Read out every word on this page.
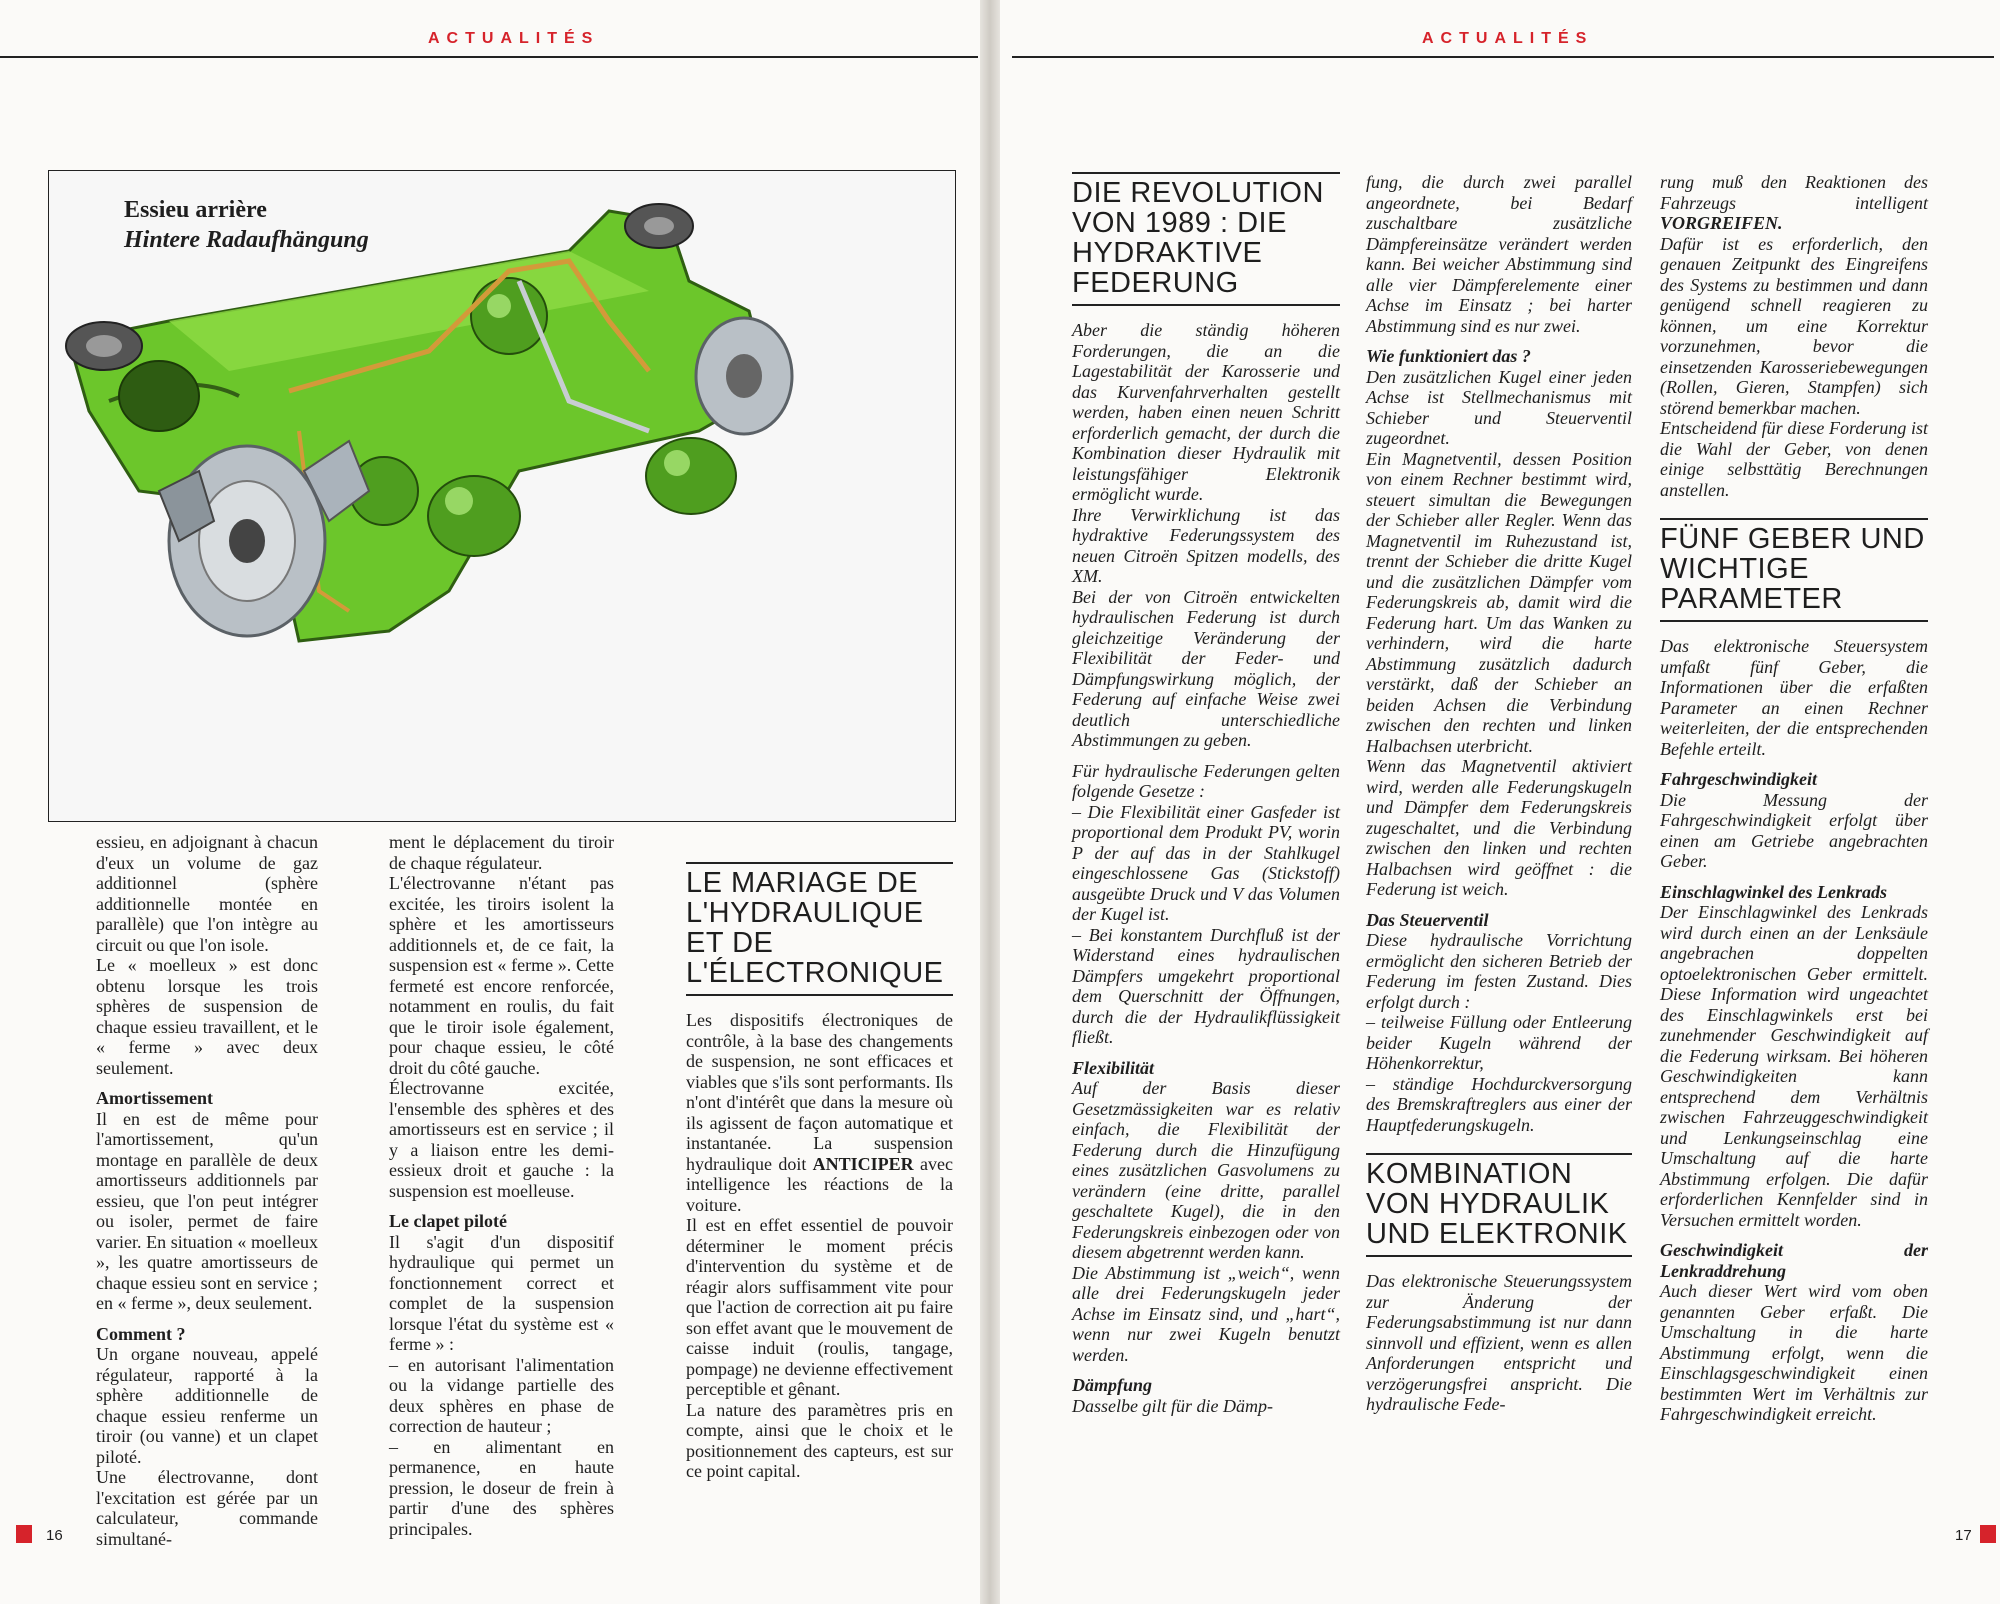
ACTUALITÉS
Essieu arrière
Hintere Radaufhängung

essieu, en adjoignant à chacun d'eux un volume de gaz additionnel (sphère additionnelle montée en parallèle) que l'on intègre au circuit ou que l'on isole.

Le « moelleux » est donc obtenu lorsque les trois sphères de suspension de chaque essieu travaillent, et le « ferme » avec deux seulement.

Amortissement

Il en est de même pour l'amortissement, qu'un montage en parallèle de deux amortisseurs additionnels par essieu, que l'on peut intégrer ou isoler, permet de faire varier. En situation « moelleux », les quatre amortisseurs de chaque essieu sont en service ; en « ferme », deux seulement.

Comment ?

Un organe nouveau, appelé régulateur, rapporté à la sphère additionnelle de chaque essieu renferme un tiroir (ou vanne) et un clapet piloté.

Une électrovanne, dont l'excitation est gérée par un calculateur, commande simultané-

ment le déplacement du tiroir de chaque régulateur.

L'électrovanne n'étant pas excitée, les tiroirs isolent la sphère et les amortisseurs additionnels et, de ce fait, la suspension est « ferme ». Cette fermeté est encore renforcée, notamment en roulis, du fait que le tiroir isole également, pour chaque essieu, le côté droit du côté gauche.

Électrovanne excitée, l'ensemble des sphères et des amortisseurs est en service ; il y a liaison entre les demi-essieux droit et gauche : la suspension est moelleuse.

Le clapet piloté

Il s'agit d'un dispositif hydraulique qui permet un fonctionnement correct et complet de la suspension lorsque l'état du système est « ferme » :

– en autorisant l'alimentation ou la vidange partielle des deux sphères en phase de correction de hauteur ;

– en alimentant en permanence, en haute pression, le doseur de frein à partir d'une des sphères principales.

LE MARIAGE DE L'HYDRAULIQUE ET DE L'ÉLECTRONIQUE

Les dispositifs électroniques de contrôle, à la base des changements de suspension, ne sont efficaces et viables que s'ils sont performants. Ils n'ont d'intérêt que dans la mesure où ils agissent de façon automatique et instantanée. La suspension hydraulique doit ANTICIPER avec intelligence les réactions de la voiture.

Il est en effet essentiel de pouvoir déterminer le moment précis d'intervention du système et de réagir alors suffisamment vite pour que l'action de correction ait pu faire son effet avant que le mouvement de caisse induit (roulis, tangage, pompage) ne devienne effectivement perceptible et gênant.

La nature des paramètres pris en compte, ainsi que le choix et le positionnement des capteurs, est sur ce point capital.

16
ACTUALITÉS
DIE REVOLUTION VON 1989 : DIE HYDRAKTIVE FEDERUNG

Aber die ständig höheren Forderungen, die an die Lagestabilität der Karosserie und das Kurvenfahrverhalten gestellt werden, haben einen neuen Schritt erforderlich gemacht, der durch die Kombination dieser Hydraulik mit leistungsfähiger Elektronik ermöglicht wurde.

Ihre Verwirklichung ist das hydraktive Federungssystem des neuen Citroën Spitzen modells, des XM.

Bei der von Citroën entwickelten hydraulischen Federung ist durch gleichzeitige Veränderung der Flexibilität der Feder- und Dämpfungswirkung möglich, der Federung auf einfache Weise zwei deutlich unterschiedliche Abstimmungen zu geben.

Für hydraulische Federungen gelten folgende Gesetze :

– Die Flexibilität einer Gasfeder ist proportional dem Produkt PV, worin P der auf das in der Stahlkugel eingeschlossene Gas (Stickstoff) ausgeübte Druck und V das Volumen der Kugel ist.

– Bei konstantem Durchfluß ist der Widerstand eines hydraulischen Dämpfers umgekehrt proportional dem Querschnitt der Öffnungen, durch die der Hydraulikflüssigkeit fließt.

Flexibilität

Auf der Basis dieser Gesetzmässigkeiten war es relativ einfach, die Flexibilität der Federung durch die Hinzufügung eines zusätzlichen Gasvolumens zu verändern (eine dritte, parallel geschaltete Kugel), die in den Federungskreis einbezogen oder von diesem abgetrennt werden kann.

Die Abstimmung ist „weich“, wenn alle drei Federungskugeln jeder Achse im Einsatz sind, und „hart“, wenn nur zwei Kugeln benutzt werden.

Dämpfung

Dasselbe gilt für die Dämp-

fung, die durch zwei parallel angeordnete, bei Bedarf zuschaltbare zusätzliche Dämpfereinsätze verändert werden kann. Bei weicher Abstimmung sind alle vier Dämpferelemente einer Achse im Einsatz ; bei harter Abstimmung sind es nur zwei.

Wie funktioniert das ?

Den zusätzlichen Kugel einer jeden Achse ist Stellmechanismus mit Schieber und Steuerventil zugeordnet.

Ein Magnetventil, dessen Position von einem Rechner bestimmt wird, steuert simultan die Bewegungen der Schieber aller Regler. Wenn das Magnetventil im Ruhezustand ist, trennt der Schieber die dritte Kugel und die zusätzlichen Dämpfer vom Federungskreis ab, damit wird die Federung hart. Um das Wanken zu verhindern, wird die harte Abstimmung zusätzlich dadurch verstärkt, daß der Schieber an beiden Achsen die Verbindung zwischen den rechten und linken Halbachsen uterbricht.

Wenn das Magnetventil aktiviert wird, werden alle Federungskugeln und Dämpfer dem Federungskreis zugeschaltet, und die Verbindung zwischen den linken und rechten Halbachsen wird geöffnet : die Federung ist weich.

Das Steuerventil

Diese hydraulische Vorrichtung ermöglicht den sicheren Betrieb der Federung im festen Zustand. Dies erfolgt durch :

– teilweise Füllung oder Entleerung beider Kugeln während der Höhenkorrektur,

– ständige Hochdurckversorgung des Bremskraftreglers aus einer der Hauptfederungskugeln.

KOMBINATION VON HYDRAULIK UND ELEKTRONIK

Das elektronische Steuerungssystem zur Änderung der Federungsabstimmung ist nur dann sinnvoll und effizient, wenn es allen Anforderungen entspricht und verzögerungsfrei anspricht. Die hydraulische Fede-

rung muß den Reaktionen des Fahrzeugs intelligent VORGREIFEN.

Dafür ist es erforderlich, den genauen Zeitpunkt des Eingreifens des Systems zu bestimmen und dann genügend schnell reagieren zu können, um eine Korrektur vorzunehmen, bevor die einsetzenden Karosseriebewegungen (Rollen, Gieren, Stampfen) sich störend bemerkbar machen.

Entscheidend für diese Forderung ist die Wahl der Geber, von denen einige selbsttätig Berechnungen anstellen.

FÜNF GEBER UND WICHTIGE PARAMETER

Das elektronische Steuersystem umfaßt fünf Geber, die Informationen über die erfaßten Parameter an einen Rechner weiterleiten, der die entsprechenden Befehle erteilt.

Fahrgeschwindigkeit

Die Messung der Fahrgeschwindigkeit erfolgt über einen am Getriebe angebrachten Geber.

Einschlagwinkel des Lenkrads

Der Einschlagwinkel des Lenkrads wird durch einen an der Lenksäule angebrachen doppelten optoelektronischen Geber ermittelt. Diese Information wird ungeachtet des Einschlagwinkels erst bei zunehmender Geschwindigkeit auf die Federung wirksam. Bei höheren Geschwindigkeiten kann entsprechend dem Verhältnis zwischen Fahrzeuggeschwindigkeit und Lenkungseinschlag eine Umschaltung auf die harte Abstimmung erfolgen. Die dafür erforderlichen Kennfelder sind in Versuchen ermittelt worden.

Geschwindigkeit der Lenkraddrehung

Auch dieser Wert wird vom oben genannten Geber erfaßt. Die Umschaltung in die harte Abstimmung erfolgt, wenn die Einschlagsgeschwindigkeit einen bestimmten Wert im Verhältnis zur Fahrgeschwindigkeit erreicht.

17
